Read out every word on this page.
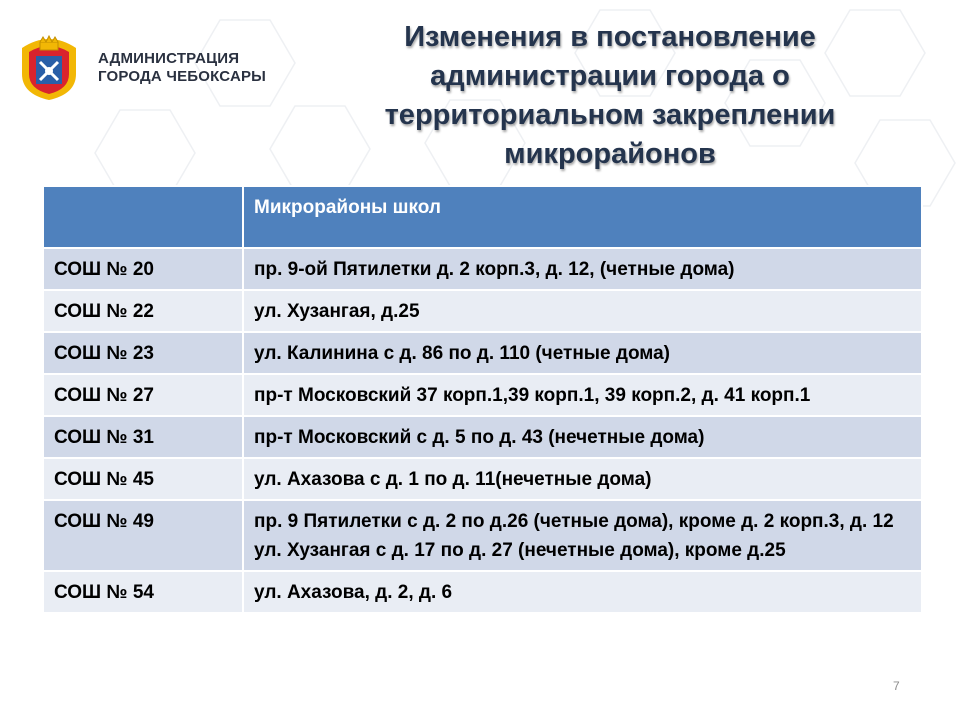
АДМИНИСТРАЦИЯ
ГОРОДА ЧЕБОКСАРЫ
Изменения в постановление
администрации города о
территориальном закреплении
микрорайонов
	Микрорайоны школ
СОШ № 20	пр. 9-ой Пятилетки д. 2 корп.3, д. 12, (четные дома)

СОШ № 22	ул. Хузангая, д.25

СОШ № 23	ул. Калинина с д. 86 по д. 110 (четные дома)

СОШ № 27	пр-т Московский 37 корп.1,39 корп.1, 39 корп.2, д. 41 корп.1

СОШ № 31	пр-т Московский с д. 5 по д. 43 (нечетные дома)

СОШ № 45	ул. Ахазова с д. 1 по д. 11(нечетные дома)

СОШ № 49	пр. 9 Пятилетки с д. 2 по д.26 (четные дома), кроме д. 2 корп.3, д. 12
ул. Хузангая с д. 17 по д. 27 (нечетные дома), кроме д.25

СОШ № 54	ул. Ахазова, д. 2, д. 6
7
